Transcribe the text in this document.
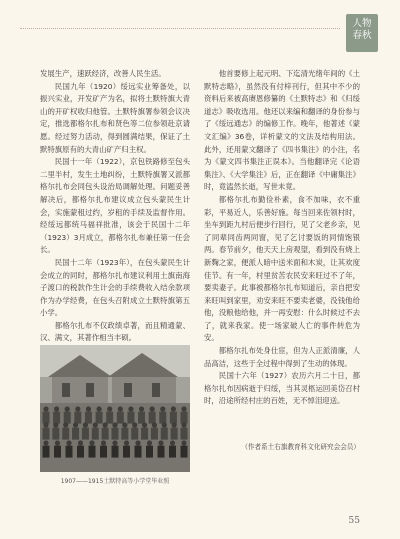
人物
春秋

发展生产，速跃经济，改善人民生活。

民国九年（1920）绥远实业筹备处，以振兴实业，开发矿产为名，拟将土默特旗大青山的开矿权收归他管。土默特旗署参领会议决定，推选都格尔扎布和贤色等二位参领赴京请愿。经过努力活动，得到圆满结果，保证了土默特旗原有的大青山矿产归主权。

民国十一年（1922），京包铁路修至包头二里半村，发生土地纠纷，土默特旗署又派都格尔扎布会同包头设治局调解处理。问题妥善解决后，都格尔扎布建议成立包头蒙民生计会，实施蒙租过约，岁租的手续及监督作用。经绥远都统马福祥批准，该会于民国十二年（1923）3月成立，都格尔扎布兼任第一任会长。

民国十二年（1923年），在包头蒙民生计会成立的同时，都格尔扎布建议利用土旗南海子渡口的税款作生计会的手续费收入结余款项作为办学经费，在包头召附成立土默特旗第五小学。

都格尔扎布不仅政绩卓著，而且精通蒙、汉、满文，其著作相当丰硕。

他首要修上起元明、下迄清光绪年间的《土默特志略》，虽然没有付梓刊行，但其中不少的资料后来被高赓恩修纂的《土默特志》和《归绥道志》吸收选用。他还以来编和翻译的身份参与了《绥远通志》的编修工作。晚年，他著述《蒙文汇编》36卷，详析蒙文的文法及结构用法。此外，还用蒙文翻译了《四书集注》的小注，名为《蒙文四书集注正误本》。当他翻译完《论语集注》、《大学集注》后，正在翻译《中庸集注》时，竟溘然长逝，写世未竟。

都格尔扎布勤俭朴素，食不加味，衣不重彩，平易近人，乐善好施。每当回来佐领村时，坐车到距九村后便步行回行，见了父老乡亲，见了同辈同齿两同窗，见了乞讨要饭的同情饱银两。春节前夕，他天天上房观望，看到没有烧上新麴之家，便派人暗中送米面和木炭，让其欢度佳节。有一年，村里贫苦农民安来旺过不了年，要卖妻子。此事被都格尔扎布知道后，亲自把安来旺叫到家里，劝安来旺不要卖老婆，没钱他给他，没粮他给他，并一再安慰：什么时候过不去了，就来我家。使一场家破人亡的事件转危为安。

都格尔扎布处身仕宦，但为人正派清廉，人品高洁，这些于全过程中得到了生动的体现。

民国十六年（1927）农历六月二十日，都格尔扎布因病逝于归绥，当其灵柩运回美岱召村时，沿途所经村庄的百姓，无不悼泪迎送。

1907——1915土默特高等小学堂毕业照
（作者系土右旗教育科文化研究会会员）
55
